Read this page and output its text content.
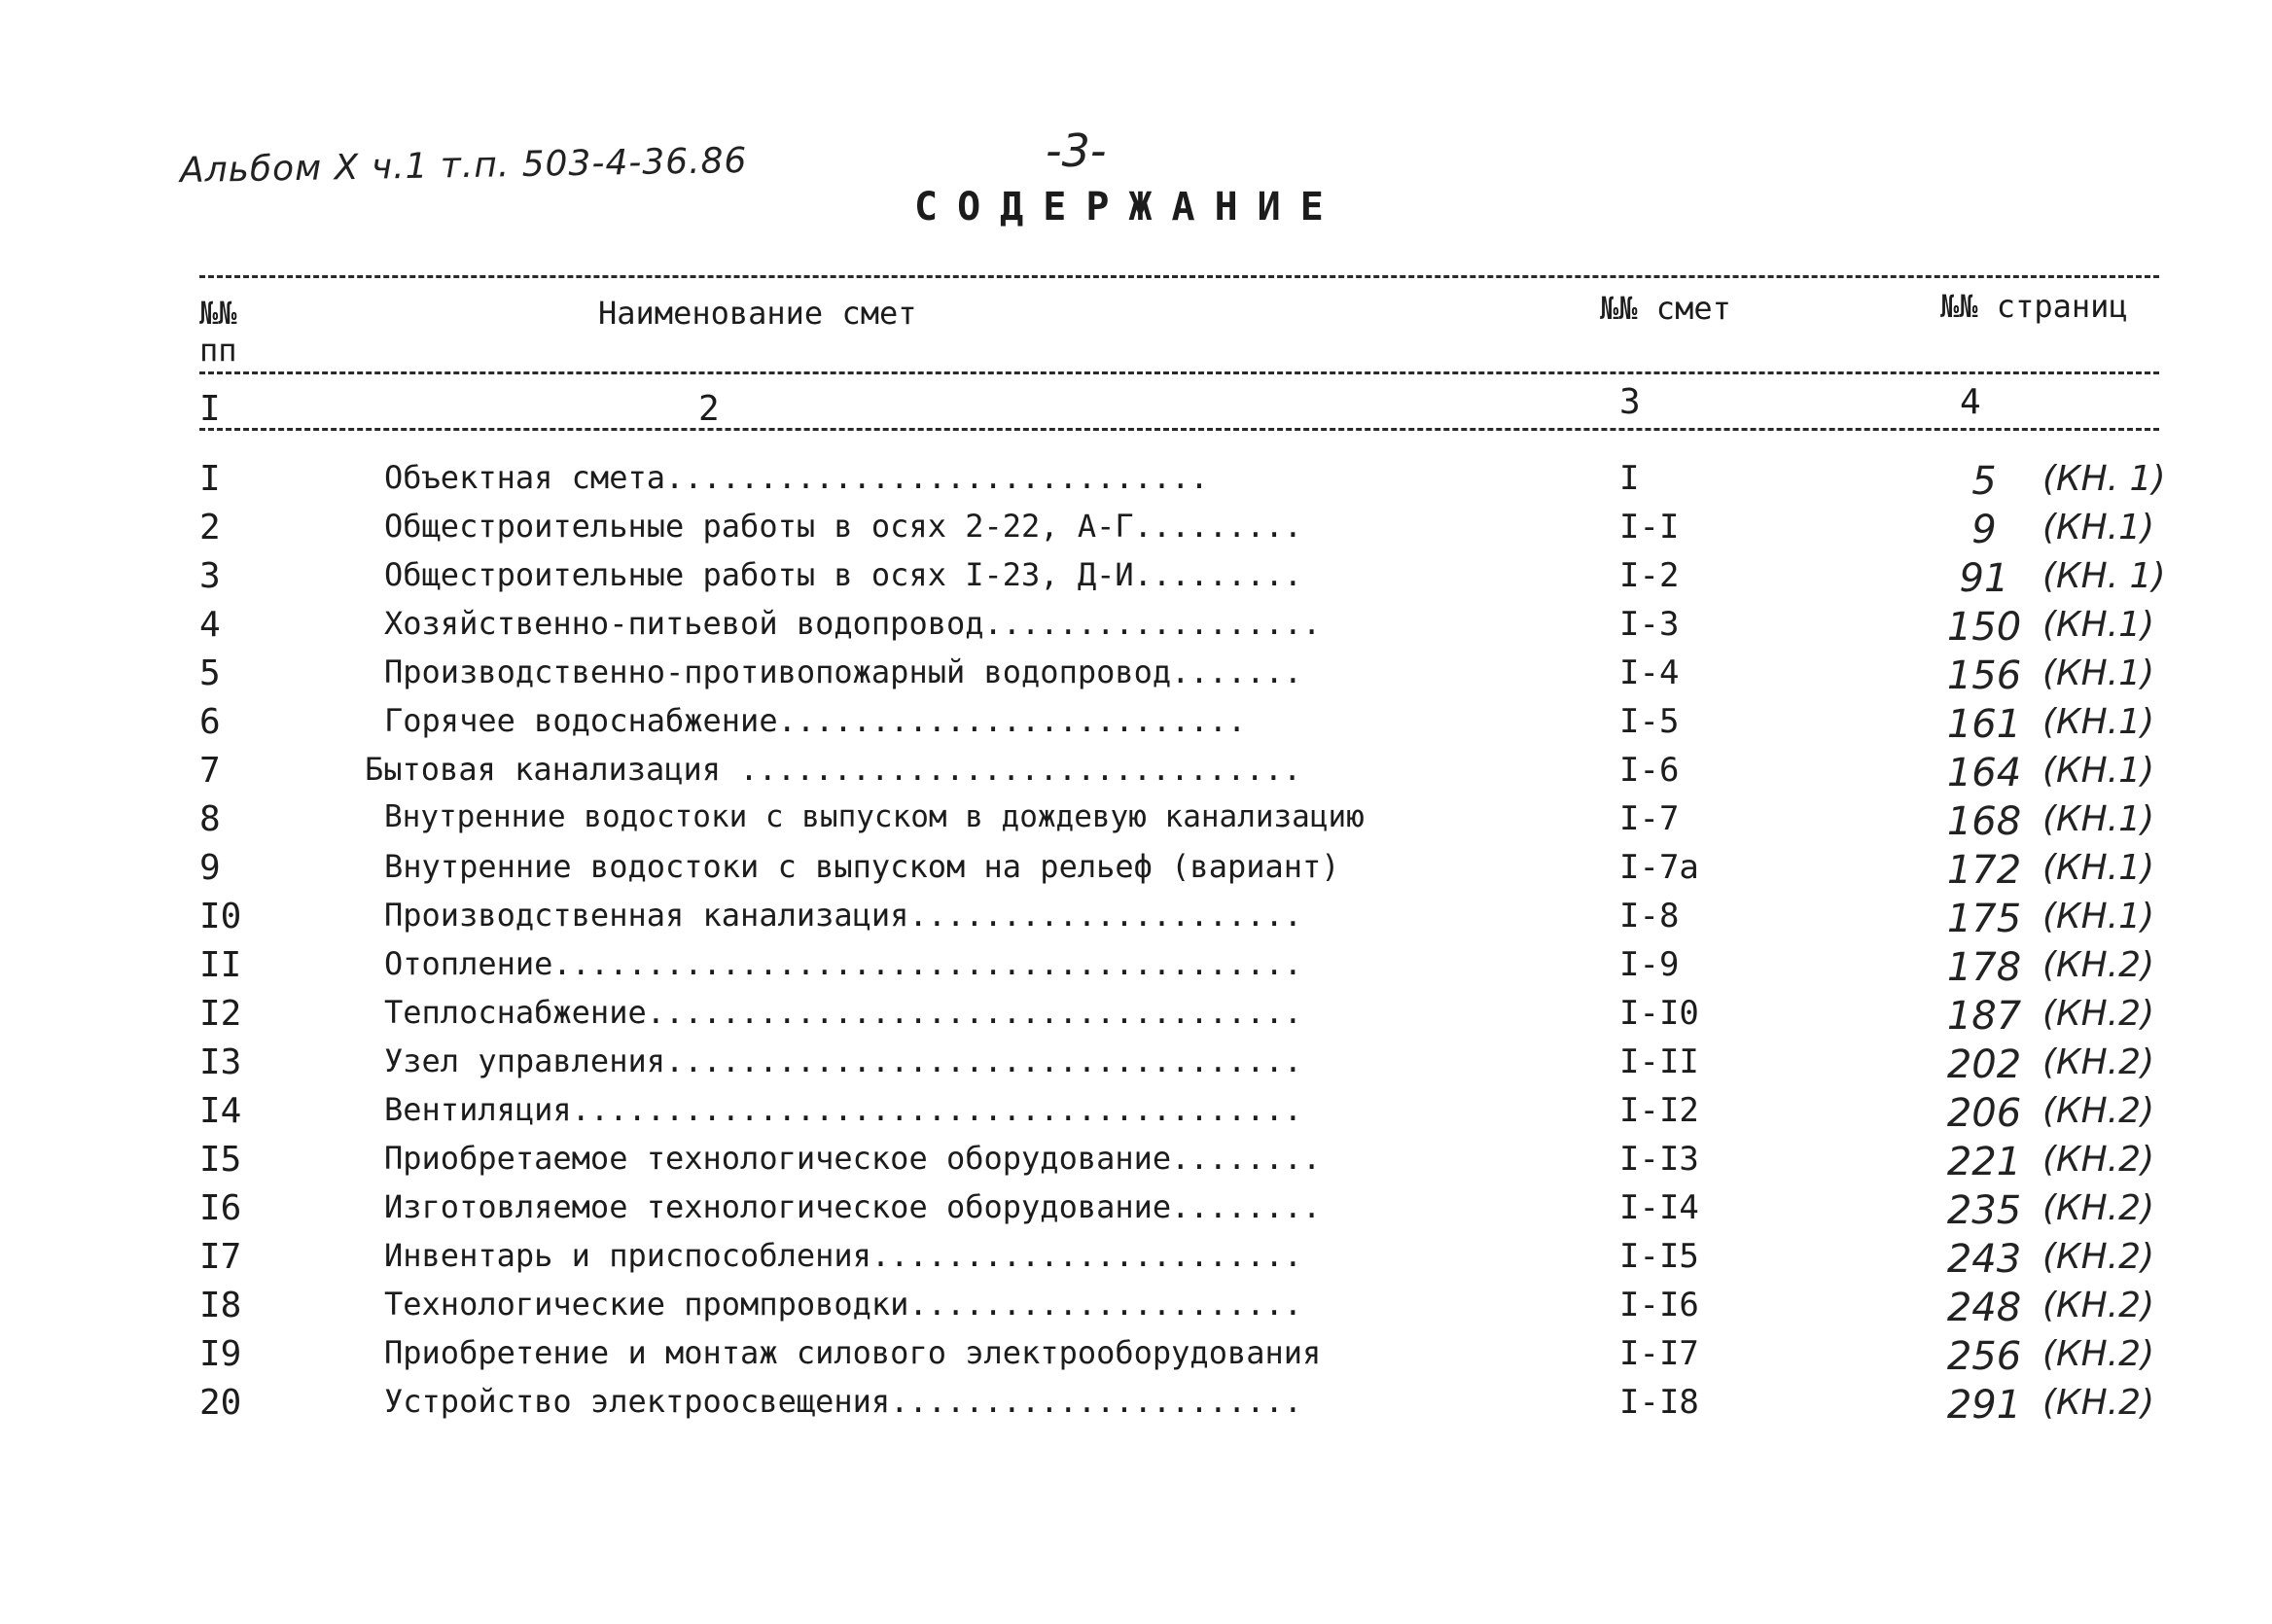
Альбом X ч.1 т.п. 503-4-36.86	-3-
СОДЕРЖАНИЕ
№№
пп
Наименование смет	№№ смет	№№ страниц
I	2	3	4
I	Объектная смета.............................	I	5	(КН. 1)
2	Общестроительные работы в осях 2-22, А-Г.........	I-I	9	(КН.1)
3	Общестроительные работы в осях I-23, Д-И.........	I-2	91 (КН. 1)
4	Хозяйственно-питьевой водопровод..................	I-3	150 (КН.1)
5	Производственно-противопожарный водопровод.......	I-4	156 (КН.1)
6	Горячее водоснабжение.........................	I-5	161 (КН.1)
7	Бытовая канализация ..............................	I-6	164 (КН.1)
8	Внутренние водостоки с выпуском в дождевую канализацию	I-7	168 (КН.1)
9	Внутренние водостоки с выпуском на рельеф (вариант)	I-7а	172 (КН.1)
I0	Производственная канализация.....................	I-8	175 (КН.1)
II	Отопление........................................	I-9	178 (КН.2)
I2	Теплоснабжение...................................	I-I0	187 (КН.2)
I3	Узел управления..................................	I-II	202 (КН.2)
I4	Вентиляция.......................................	I-I2	206 (КН.2)
I5	Приобретаемое технологическое оборудование........	I-I3	221 (КН.2)
I6	Изготовляемое технологическое оборудование........	I-I4	235 (КН.2)
I7	Инвентарь и приспособления.......................	I-I5	243 (КН.2)
I8	Технологические промпроводки.....................	I-I6	248 (КН.2)
I9	Приобретение и монтаж силового электрооборудования	I-I7	256 (КН.2)
20	Устройство электроосвещения......................	I-I8	291 (КН.2)
